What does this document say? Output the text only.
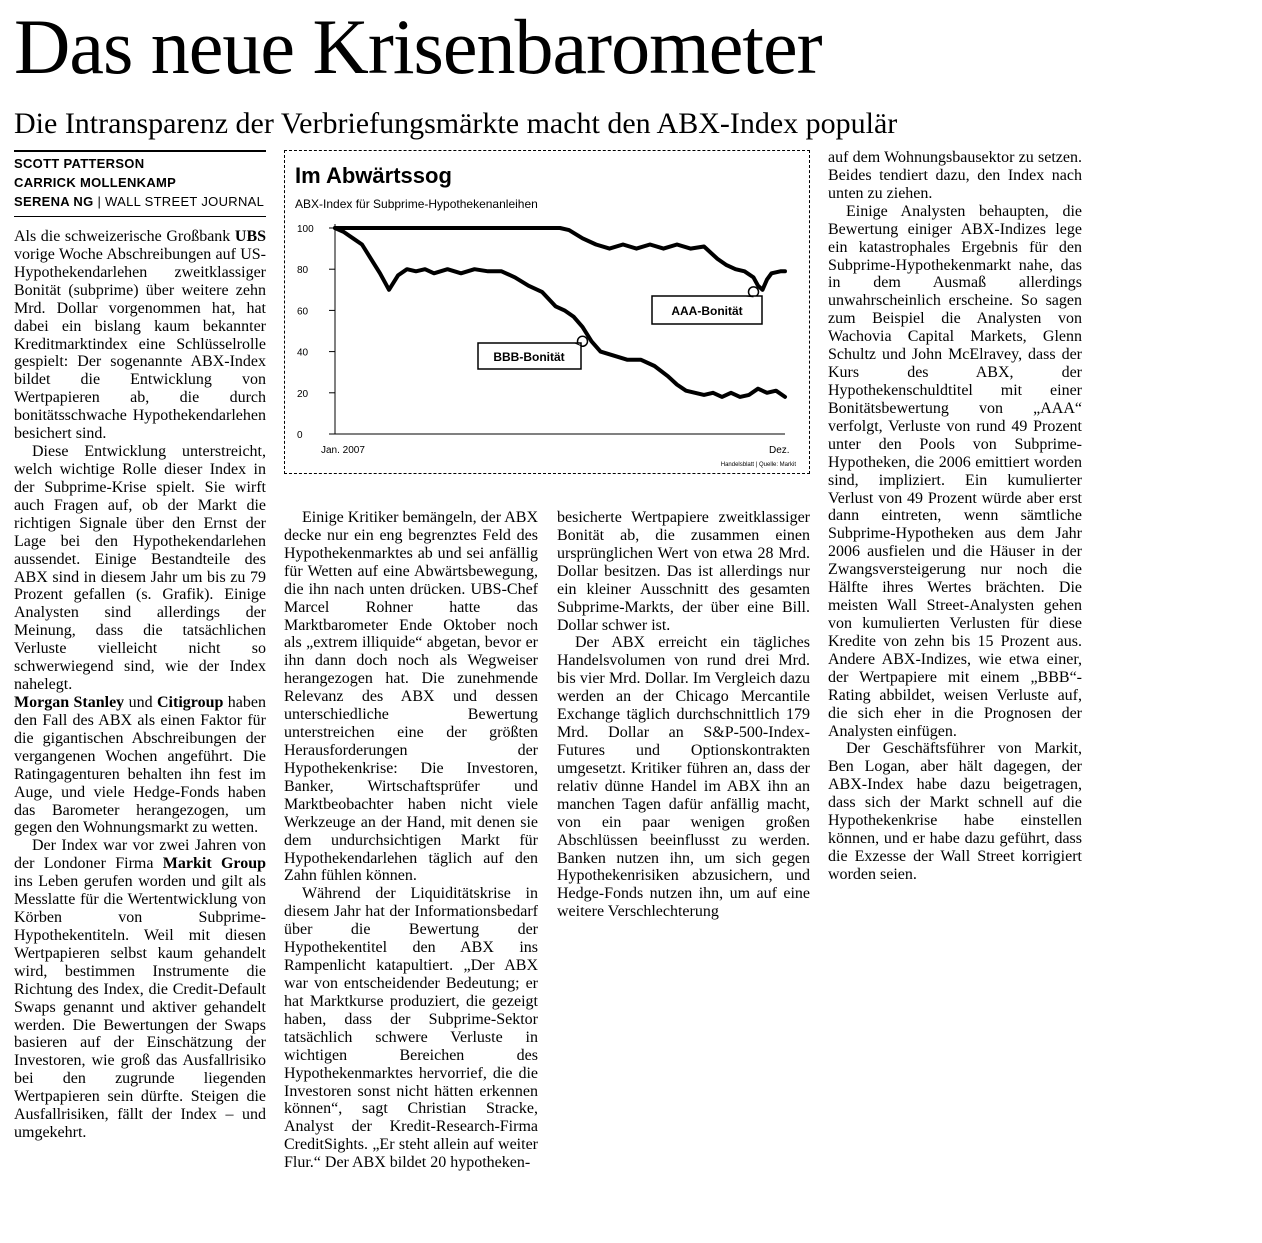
Das neue Krisenbarometer
Die Intransparenz der Verbriefungsmärkte macht den ABX-Index populär
SCOTT PATTERSON
CARRICK MOLLENKAMP
SERENA NG | WALL STREET JOURNAL
Im Abwärtssog
ABX-Index für Subprime-Hypothekenanleihen
Jan. 2007	Dez.
Handelsblatt | Quelle: Markit
100
80
60
40
20
0
AAA-Bonität
BBB-Bonität

Als die schweizerische Großbank UBS vorige Woche Abschreibungen auf US-Hypothekendarlehen zweitklassiger Bonität (subprime) über weitere zehn Mrd. Dollar vorgenommen hat, hat dabei ein bislang kaum bekannter Kreditmarktindex eine Schlüsselrolle gespielt: Der sogenannte ABX-Index bildet die Entwicklung von Wertpapieren ab, die durch bonitätsschwache Hypothekendarlehen besichert sind.

Diese Entwicklung unterstreicht, welch wichtige Rolle dieser Index in der Subprime-Krise spielt. Sie wirft auch Fragen auf, ob der Markt die richtigen Signale über den Ernst der Lage bei den Hypothekendarlehen aussendet. Einige Bestandteile des ABX sind in diesem Jahr um bis zu 79 Prozent gefallen (s. Grafik). Einige Analysten sind allerdings der Meinung, dass die tatsächlichen Verluste vielleicht nicht so schwerwiegend sind, wie der Index nahelegt.

Morgan Stanley und Citigroup haben den Fall des ABX als einen Faktor für die gigantischen Abschreibungen der vergangenen Wochen angeführt. Die Ratingagenturen behalten ihn fest im Auge, und viele Hedge-Fonds haben das Barometer herangezogen, um gegen den Wohnungsmarkt zu wetten.

Der Index war vor zwei Jahren von der Londoner Firma Markit Group ins Leben gerufen worden und gilt als Messlatte für die Wertentwicklung von Körben von Subprime-Hypothekentiteln. Weil mit diesen Wertpapieren selbst kaum gehandelt wird, bestimmen Instrumente die Richtung des Index, die Credit-Default Swaps genannt und aktiver gehandelt werden. Die Bewertungen der Swaps basieren auf der Einschätzung der Investoren, wie groß das Ausfallrisiko bei den zugrunde liegenden Wertpapieren sein dürfte. Steigen die Ausfallrisiken, fällt der Index – und umgekehrt.

Einige Kritiker bemängeln, der ABX decke nur ein eng begrenztes Feld des Hypothekenmarktes ab und sei anfällig für Wetten auf eine Abwärtsbewegung, die ihn nach unten drücken. UBS-Chef Marcel Rohner hatte das Marktbarometer Ende Oktober noch als „extrem illiquide“ abgetan, bevor er ihn dann doch noch als Wegweiser herangezogen hat. Die zunehmende Relevanz des ABX und dessen unterschiedliche Bewertung unterstreichen eine der größten Herausforderungen der Hypothekenkrise: Die Investoren, Banker, Wirtschaftsprüfer und Marktbeobachter haben nicht viele Werkzeuge an der Hand, mit denen sie dem undurchsichtigen Markt für Hypothekendarlehen täglich auf den Zahn fühlen können.

Während der Liquiditätskrise in diesem Jahr hat der Informationsbedarf über die Bewertung der Hypothekentitel den ABX ins Rampenlicht katapultiert. „Der ABX war von entscheidender Bedeutung; er hat Marktkurse produziert, die gezeigt haben, dass der Subprime-Sektor tatsächlich schwere Verluste in wichtigen Bereichen des Hypothekenmarktes hervorrief, die die Investoren sonst nicht hätten erkennen können“, sagt Christian Stracke, Analyst der Kredit-Research-Firma CreditSights. „Er steht allein auf weiter Flur.“ Der ABX bildet 20 hypotheken-

besicherte Wertpapiere zweitklassiger Bonität ab, die zusammen einen ursprünglichen Wert von etwa 28 Mrd. Dollar besitzen. Das ist allerdings nur ein kleiner Ausschnitt des gesamten Subprime-Markts, der über eine Bill. Dollar schwer ist.

Der ABX erreicht ein tägliches Handelsvolumen von rund drei Mrd. bis vier Mrd. Dollar. Im Vergleich dazu werden an der Chicago Mercantile Exchange täglich durchschnittlich 179 Mrd. Dollar an S&P-500-Index-Futures und Optionskontrakten umgesetzt. Kritiker führen an, dass der relativ dünne Handel im ABX ihn an manchen Tagen dafür anfällig macht, von ein paar wenigen großen Abschlüssen beeinflusst zu werden. Banken nutzen ihn, um sich gegen Hypothekenrisiken abzusichern, und Hedge-Fonds nutzen ihn, um auf eine weitere Verschlechterung

auf dem Wohnungsbausektor zu setzen. Beides tendiert dazu, den Index nach unten zu ziehen.

Einige Analysten behaupten, die Bewertung einiger ABX-Indizes lege ein katastrophales Ergebnis für den Subprime-Hypothekenmarkt nahe, das in dem Ausmaß allerdings unwahrscheinlich erscheine. So sagen zum Beispiel die Analysten von Wachovia Capital Markets, Glenn Schultz und John McElravey, dass der Kurs des ABX, der Hypothekenschuldtitel mit einer Bonitätsbewertung von „AAA“ verfolgt, Verluste von rund 49 Prozent unter den Pools von Subprime-Hypotheken, die 2006 emittiert worden sind, impliziert. Ein kumulierter Verlust von 49 Prozent würde aber erst dann eintreten, wenn sämtliche Subprime-Hypotheken aus dem Jahr 2006 ausfielen und die Häuser in der Zwangsversteigerung nur noch die Hälfte ihres Wertes brächten. Die meisten Wall Street-Analysten gehen von kumulierten Verlusten für diese Kredite von zehn bis 15 Prozent aus. Andere ABX-Indizes, wie etwa einer, der Wertpapiere mit einem „BBB“-Rating abbildet, weisen Verluste auf, die sich eher in die Prognosen der Analysten einfügen.

Der Geschäftsführer von Markit, Ben Logan, aber hält dagegen, der ABX-Index habe dazu beigetragen, dass sich der Markt schnell auf die Hypothekenkrise habe einstellen können, und er habe dazu geführt, dass die Exzesse der Wall Street korrigiert worden seien.
